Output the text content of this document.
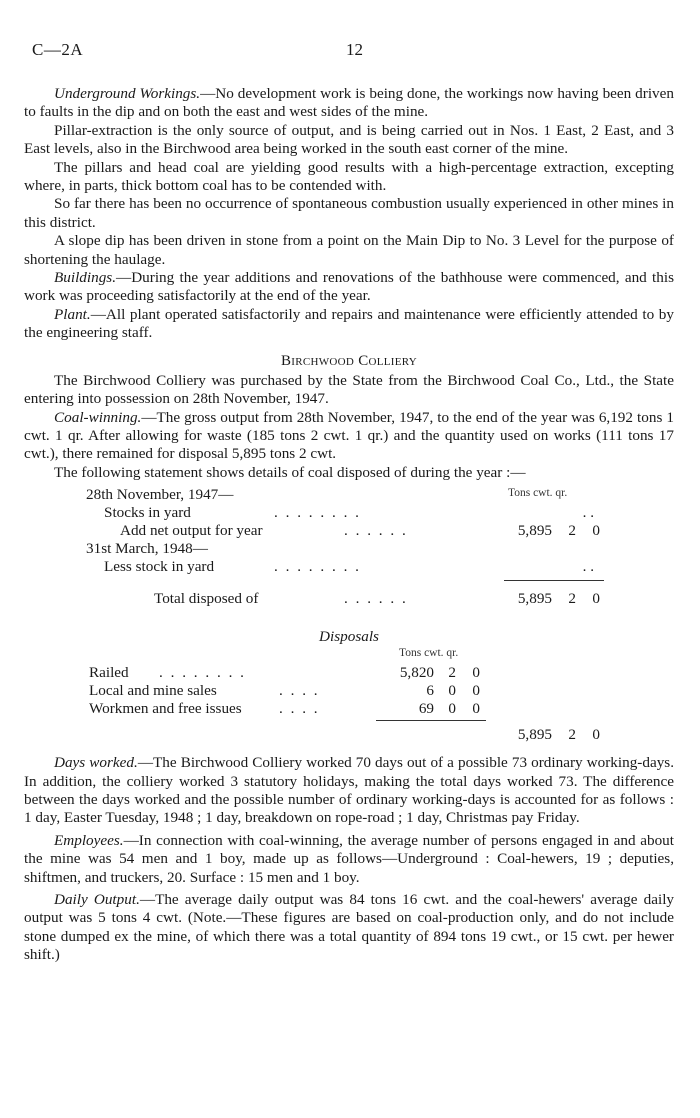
C—2A	12

Underground Workings.—No development work is being done, the workings now having been driven to faults in the dip and on both the east and west sides of the mine.

Pillar-extraction is the only source of output, and is being carried out in Nos. 1 East, 2 East, and 3 East levels, also in the Birchwood area being worked in the south east corner of the mine.

The pillars and head coal are yielding good results with a high-percentage extraction, excepting where, in parts, thick bottom coal has to be contended with.

So far there has been no occurrence of spontaneous combustion usually experienced in other mines in this district.

A slope dip has been driven in stone from a point on the Main Dip to No. 3 Level for the purpose of shortening the haulage.

Buildings.—During the year additions and renovations of the bathhouse were commenced, and this work was proceeding satisfactorily at the end of the year.

Plant.—All plant operated satisfactorily and repairs and maintenance were efficiently attended to by the engineering staff.

Birchwood Colliery

The Birchwood Colliery was purchased by the State from the Birchwood Coal Co., Ltd., the State entering into possession on 28th November, 1947.

Coal-winning.—The gross output from 28th November, 1947, to the end of the year was 6,192 tons 1 cwt. 1 qr. After allowing for waste (185 tons 2 cwt. 1 qr.) and the quantity used on works (111 tons 17 cwt.), there remained for disposal 5,895 tons 2 cwt.

The following statement shows details of coal disposed of during the year :—

28th November, 1947—	Tons cwt. qr.
Stocks in yard	. . . . . . . .	. .
Add net output for year	. . . . . .	5,895 2	0
31st March, 1948—
Less stock in yard	. . . . . . . .	. .
Total disposed of	. . . . . .	5,895 2	0
Disposals
Tons cwt. qr.
Railed . . . . . . . .	5,820 2	0
Local and mine sales	. . . .	6 0	0
Workmen and free issues . . . .	69 0	0
5,895 2	0

Days worked.—The Birchwood Colliery worked 70 days out of a possible 73 ordinary working-days. In addition, the colliery worked 3 statutory holidays, making the total days worked 73. The difference between the days worked and the possible number of ordinary working-days is accounted for as follows : 1 day, Easter Tuesday, 1948 ; 1 day, breakdown on rope-road ; 1 day, Christmas pay Friday.

Employees.—In connection with coal-winning, the average number of persons engaged in and about the mine was 54 men and 1 boy, made up as follows—Underground : Coal-hewers, 19 ; deputies, shiftmen, and truckers, 20. Surface : 15 men and 1 boy.

Daily Output.—The average daily output was 84 tons 16 cwt. and the coal-hewers' average daily output was 5 tons 4 cwt. (Note.—These figures are based on coal-production only, and do not include stone dumped ex the mine, of which there was a total quantity of 894 tons 19 cwt., or 15 cwt. per hewer shift.)
